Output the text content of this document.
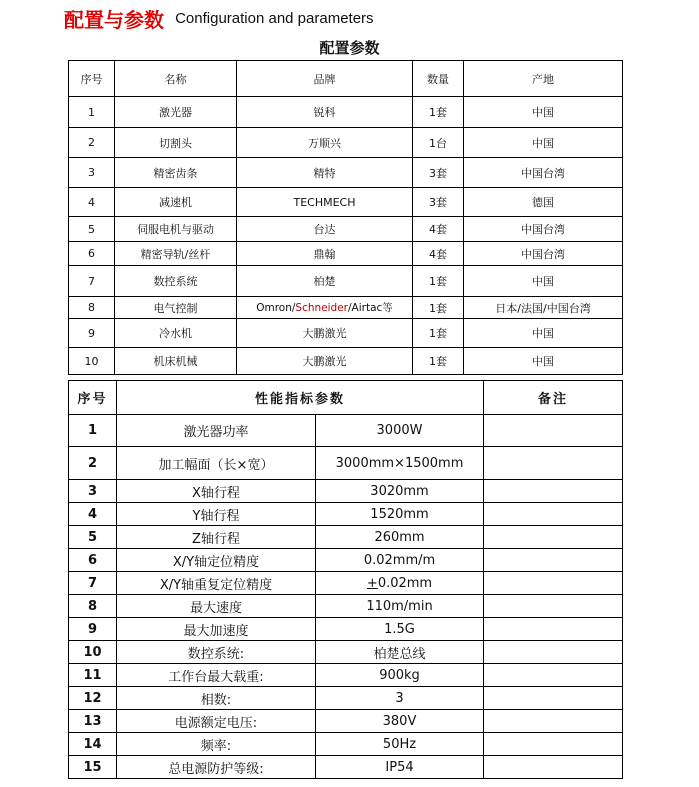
配置与参数 Configuration and parameters
配置参数
序号	名称	品牌	数量	产地
1	激光器	锐科	1套	中国
2	切割头	万顺兴	1台	中国
3	精密齿条	精特	3套	中国台湾
4	减速机	TECHMECH	3套	德国
5	伺服电机与驱动	台达	4套	中国台湾
6	精密导轨/丝杆	鼎翰	4套	中国台湾
7	数控系统	柏楚	1套	中国
8	电气控制	Omron/Schneider/Airtac等	1套	日本/法国/中国台湾
9	冷水机	大鹏激光	1套	中国
10	机床机械	大鹏激光	1套	中国
序号	性能指标参数		备注
1	激光器功率	3000W	
2	加工幅面（长×宽）	3000mm×1500mm	
3	X轴行程	3020mm	
4	Y轴行程	1520mm	
5	Z轴行程	260mm	
6	X/Y轴定位精度	0.02mm/m	
7	X/Y轴重复定位精度	+0.02mm	
8	最大速度	110m/min	
9	最大加速度	1.5G	
10	数控系统:	柏楚总线	
11	工作台最大载重:	900kg	
12	相数:	3	
13	电源额定电压:	380V	
14	频率:	50Hz	
15	总电源防护等级:	IP54	
